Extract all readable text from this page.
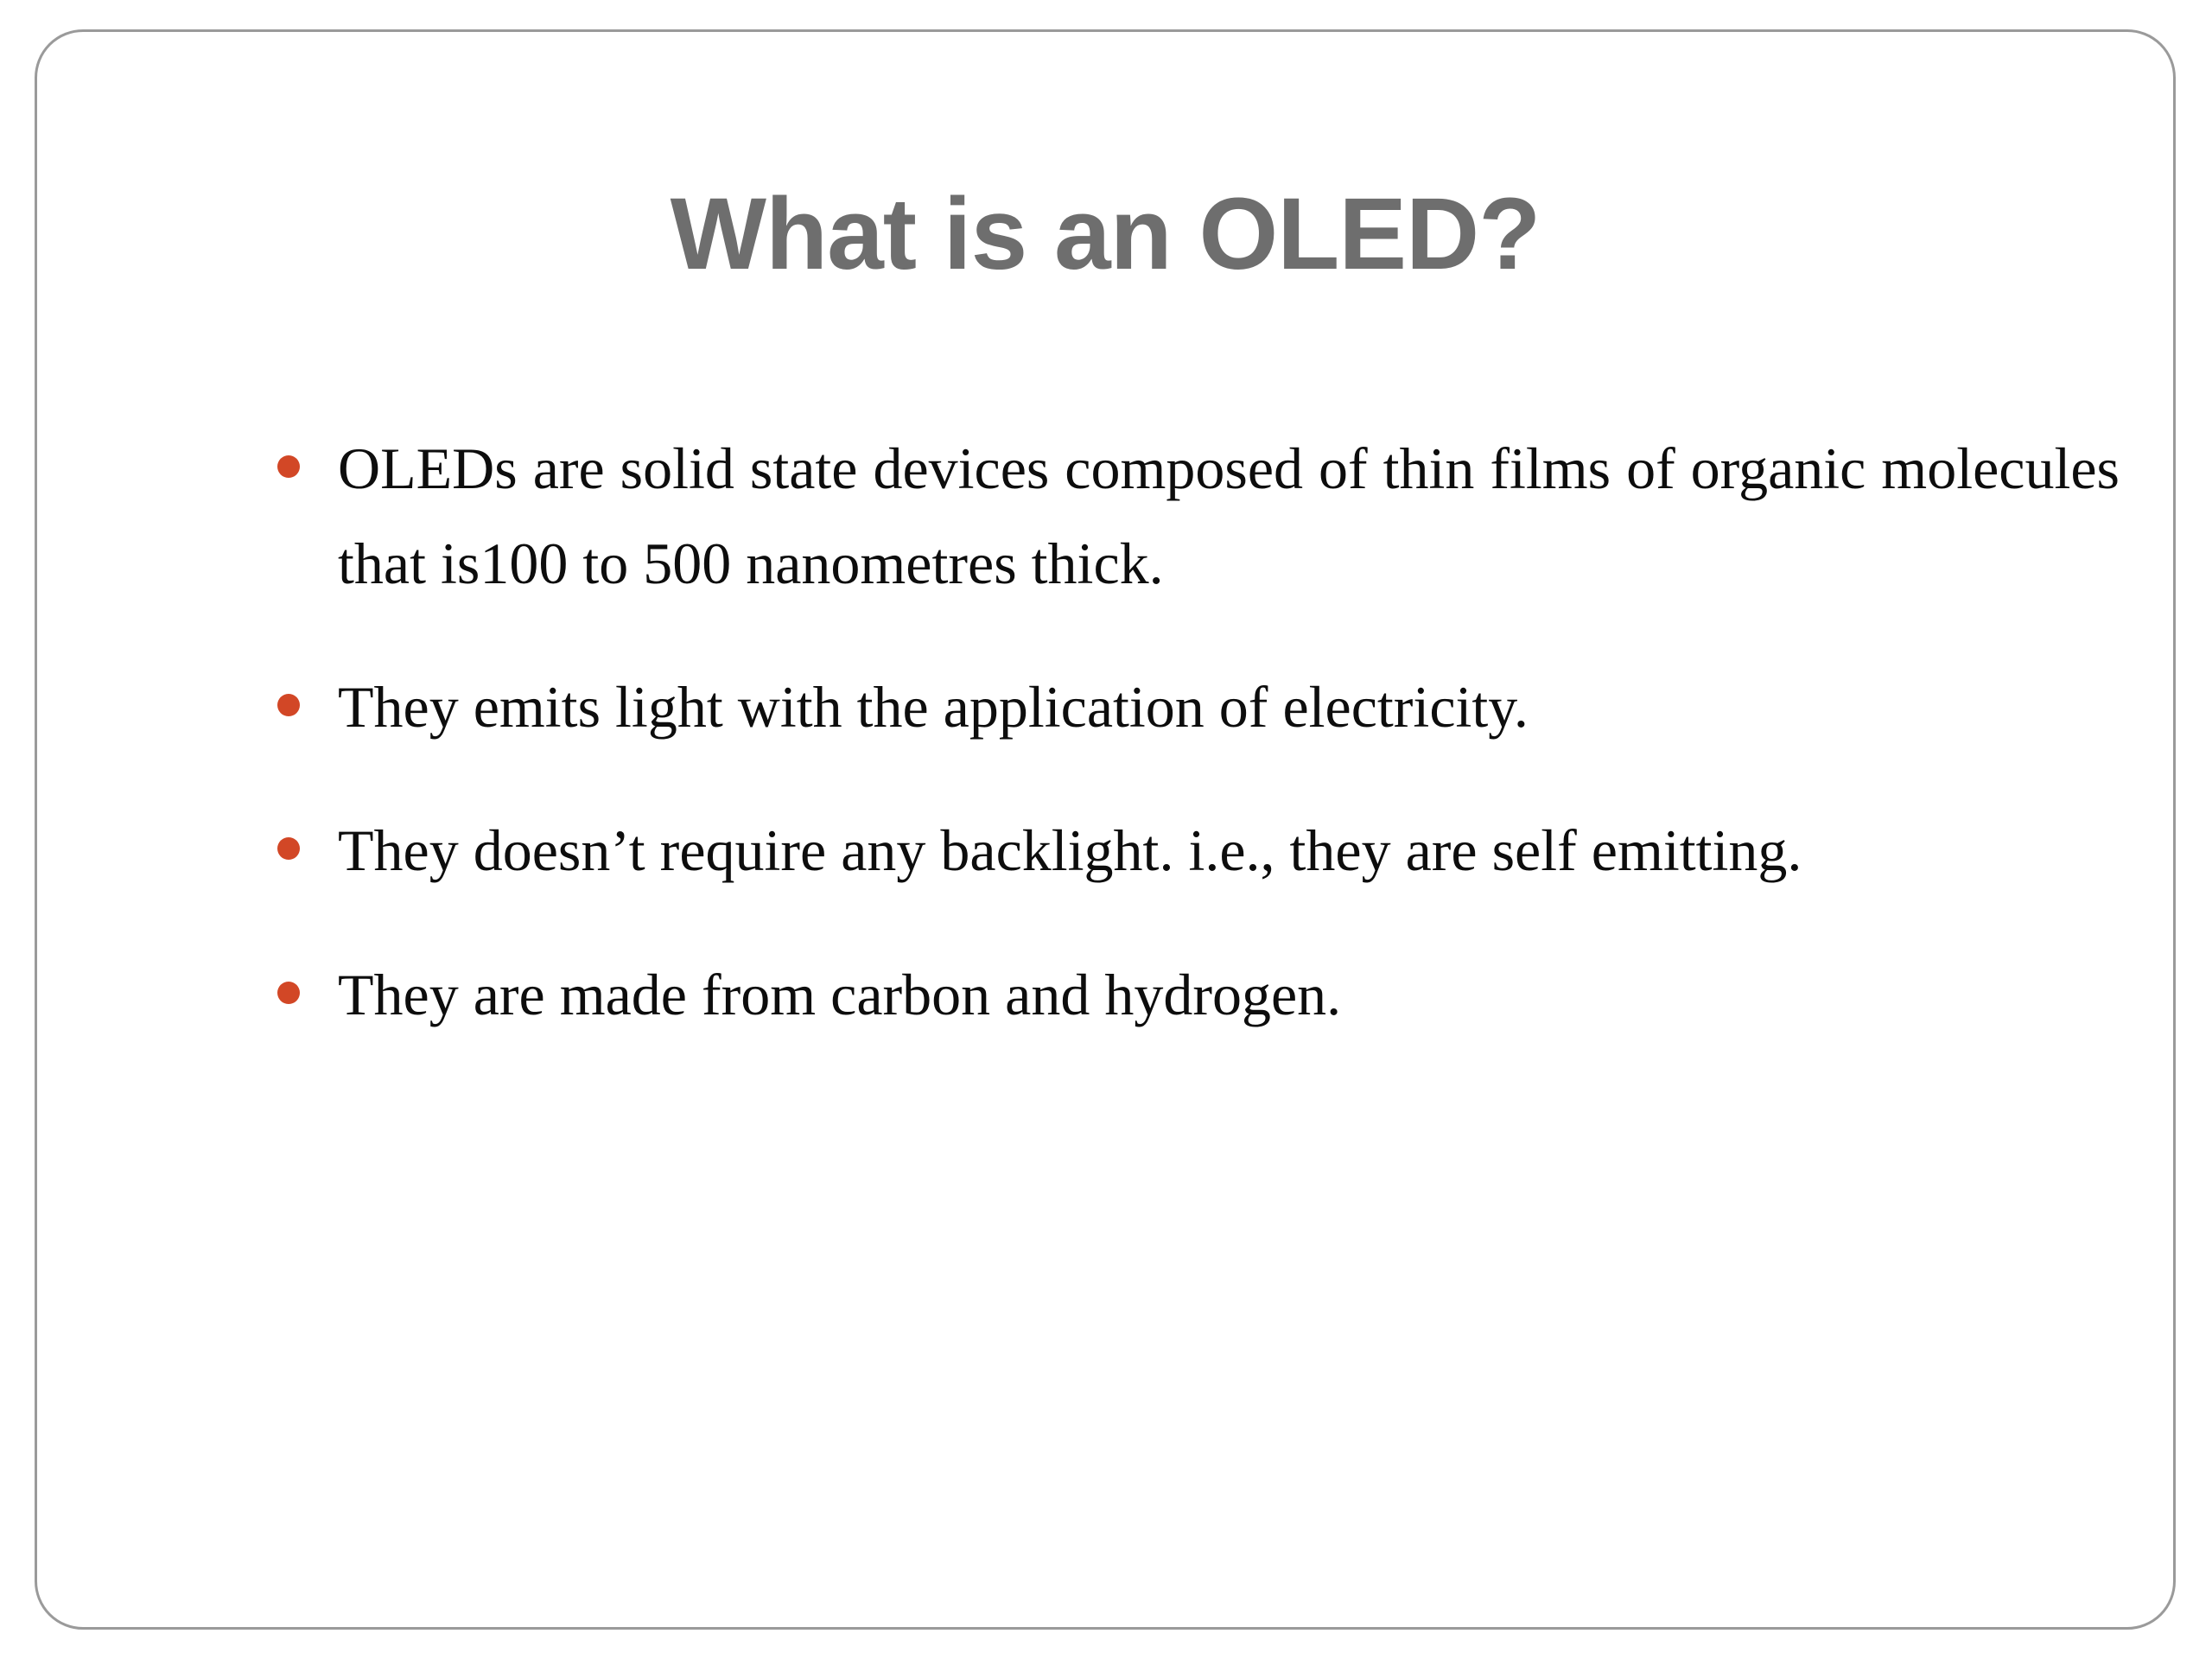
What is an OLED?
OLEDs are solid state devices composed of thin films of organic molecules that is100 to 500 nanometres thick.
They emits light with the application of electricity.
They doesn’t require any backlight. i.e., they are self emitting.
They are made from carbon and hydrogen.
